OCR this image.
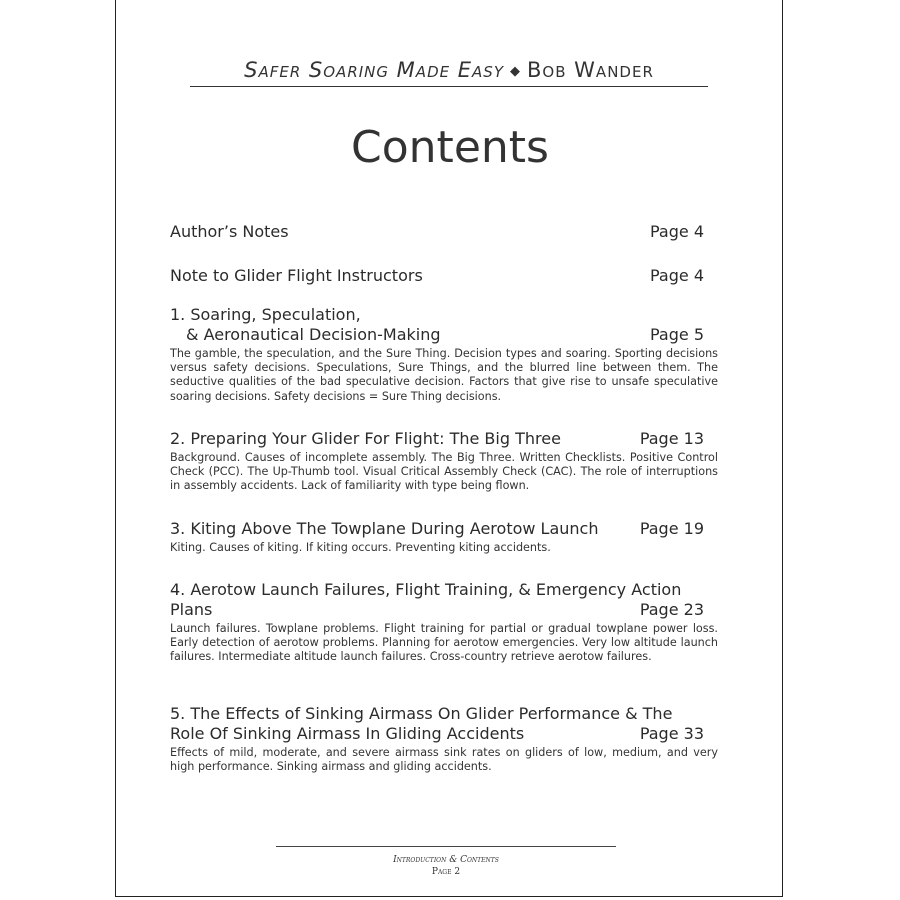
Safer Soaring Made Easy ◆ Bob Wander
Contents
Author’s Notes	Page 4
Note to Glider Flight Instructors	Page 4
1. Soaring, Speculation,
& Aeronautical Decision-Making	Page 5
The gamble, the speculation, and the Sure Thing. Decision types and soaring. Sporting decisions versus safety decisions. Speculations, Sure Things, and the blurred line between them. The seductive qualities of the bad speculative decision. Factors that give rise to unsafe speculative soaring decisions. Safety decisions = Sure Thing decisions.
2. Preparing Your Glider For Flight: The Big Three	Page 13
Background. Causes of incomplete assembly. The Big Three. Written Checklists. Positive Control Check (PCC). The Up-Thumb tool. Visual Critical Assembly Check (CAC). The role of interruptions in assembly accidents. Lack of familiarity with type being flown.
3. Kiting Above The Towplane During Aerotow Launch	Page 19
Kiting. Causes of kiting. If kiting occurs. Preventing kiting accidents.
4. Aerotow Launch Failures, Flight Training, & Emergency Action
Plans	Page 23
Launch failures. Towplane problems. Flight training for partial or gradual towplane power loss. Early detection of aerotow problems. Planning for aerotow emergencies. Very low altitude launch failures. Intermediate altitude launch failures. Cross-country retrieve aerotow failures.
5. The Effects of Sinking Airmass On Glider Performance & The
Role Of Sinking Airmass In Gliding Accidents	Page 33
Effects of mild, moderate, and severe airmass sink rates on gliders of low, medium, and very high performance. Sinking airmass and gliding accidents.
Introduction & Contents
Page 2
